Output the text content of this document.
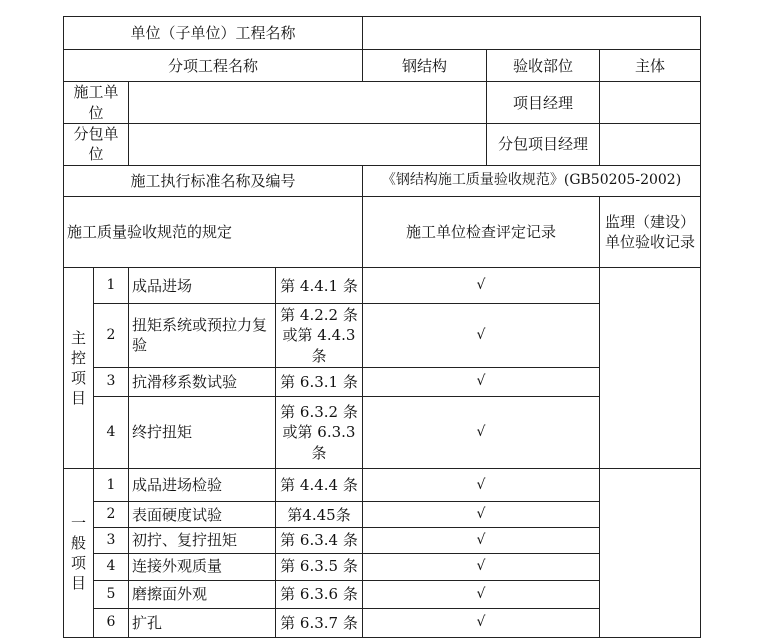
单位（子单位）工程名称						
分项工程名称				钢结构	验收部位	主体
施工单位					项目经理	
分包单位					分包项目经理	
施工执行标准名称及编号				《钢结构施工质量验收规范》(GB50205-2002)		
施工质量验收规范的规定				施工单位检查评定记录		监理（建设）单位验收记录

主
控
项
目	1	成品进场	第 4.4.1 条	√		
	2	扭矩系统或预拉力复验	第 4.2.2 条或第 4.4.3 条	√		
	3	抗滑移系数试验	第 6.3.1 条	√		
	4	终拧扭矩	第 6.3.2 条或第 6.3.3 条	√		

一
般
项
目	1	成品进场检验	第 4.4.4 条	√		
	2	表面硬度试验	第4.45条	√		
	3	初拧、复拧扭矩	第 6.3.4 条	√		
	4	连接外观质量	第 6.3.5 条	√		
	5	磨擦面外观	第 6.3.6 条	√		
	6	扩孔	第 6.3.7 条	√		
